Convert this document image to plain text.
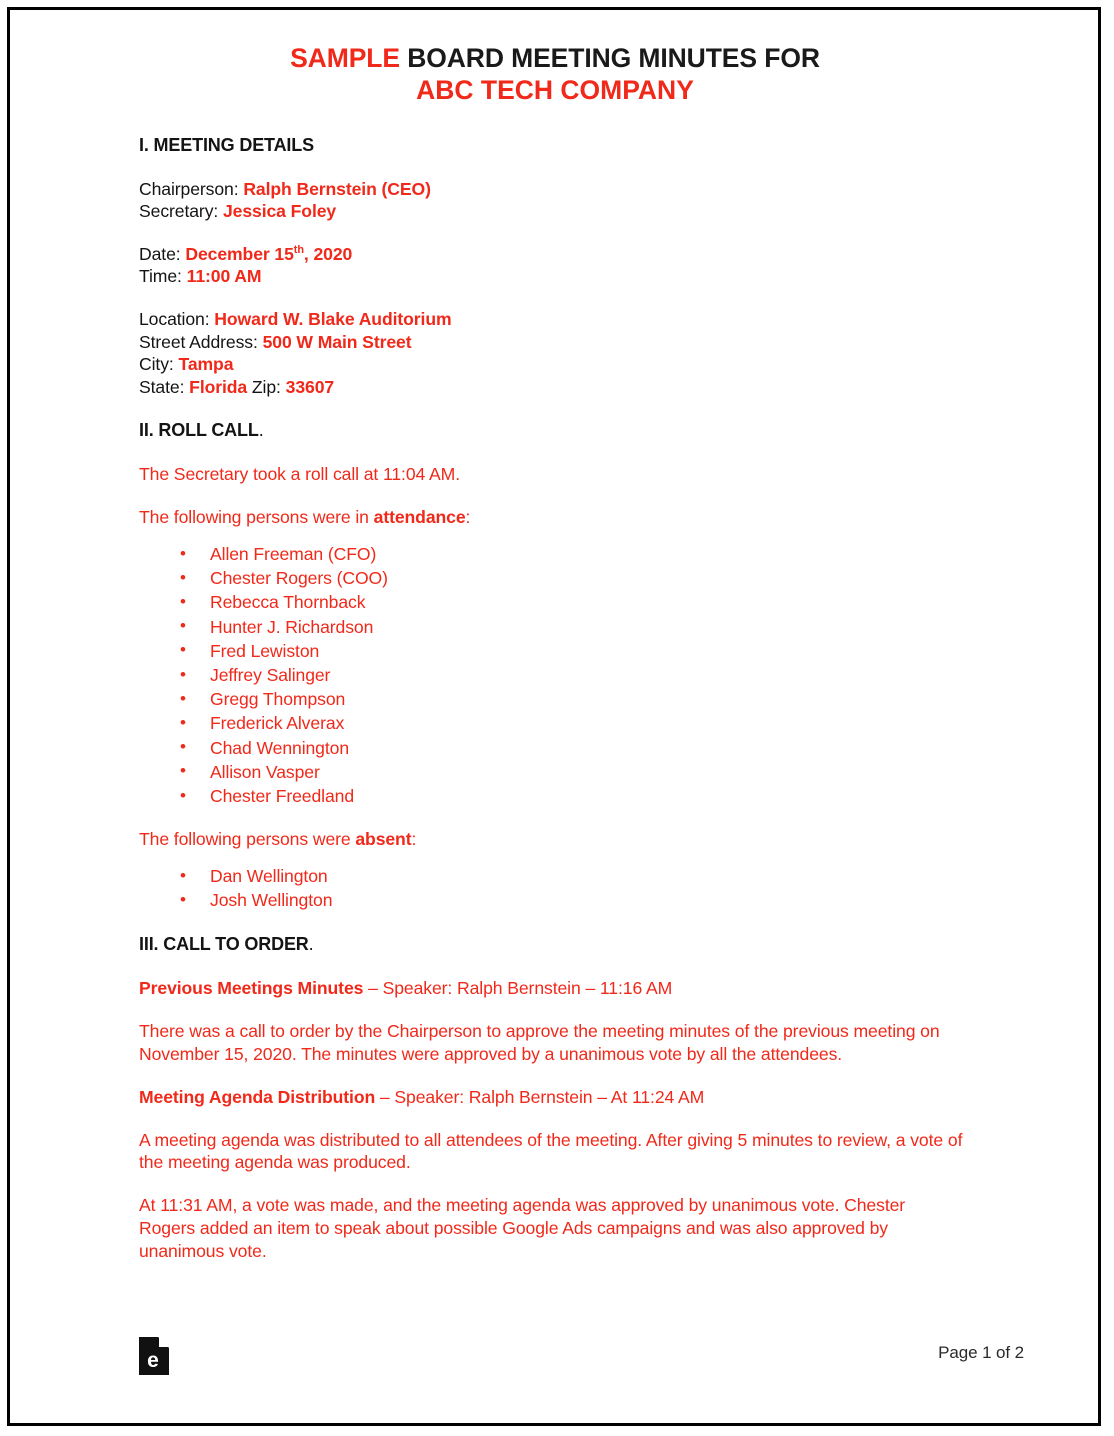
SAMPLE BOARD MEETING MINUTES FOR
ABC TECH COMPANY
I. MEETING DETAILS
Chairperson: Ralph Bernstein (CEO)
Secretary: Jessica Foley
Date: December 15th, 2020
Time: 11:00 AM
Location: Howard W. Blake Auditorium
Street Address: 500 W Main Street
City: Tampa
State: Florida Zip: 33607
II. ROLL CALL.
The Secretary took a roll call at 11:04 AM.
The following persons were in attendance:
• Allen Freeman (CFO)
• Chester Rogers (COO)
• Rebecca Thornback
• Hunter J. Richardson
• Fred Lewiston
• Jeffrey Salinger
• Gregg Thompson
• Frederick Alverax
• Chad Wennington
• Allison Vasper
• Chester Freedland
The following persons were absent:
• Dan Wellington
• Josh Wellington
III. CALL TO ORDER.
Previous Meetings Minutes – Speaker: Ralph Bernstein – 11:16 AM
There was a call to order by the Chairperson to approve the meeting minutes of the previous meeting on November 15, 2020. The minutes were approved by a unanimous vote by all the attendees.
Meeting Agenda Distribution – Speaker: Ralph Bernstein – At 11:24 AM
A meeting agenda was distributed to all attendees of the meeting. After giving 5 minutes to review, a vote of the meeting agenda was produced.
At 11:31 AM, a vote was made, and the meeting agenda was approved by unanimous vote. Chester Rogers added an item to speak about possible Google Ads campaigns and was also approved by unanimous vote.
e	Page 1 of 2
